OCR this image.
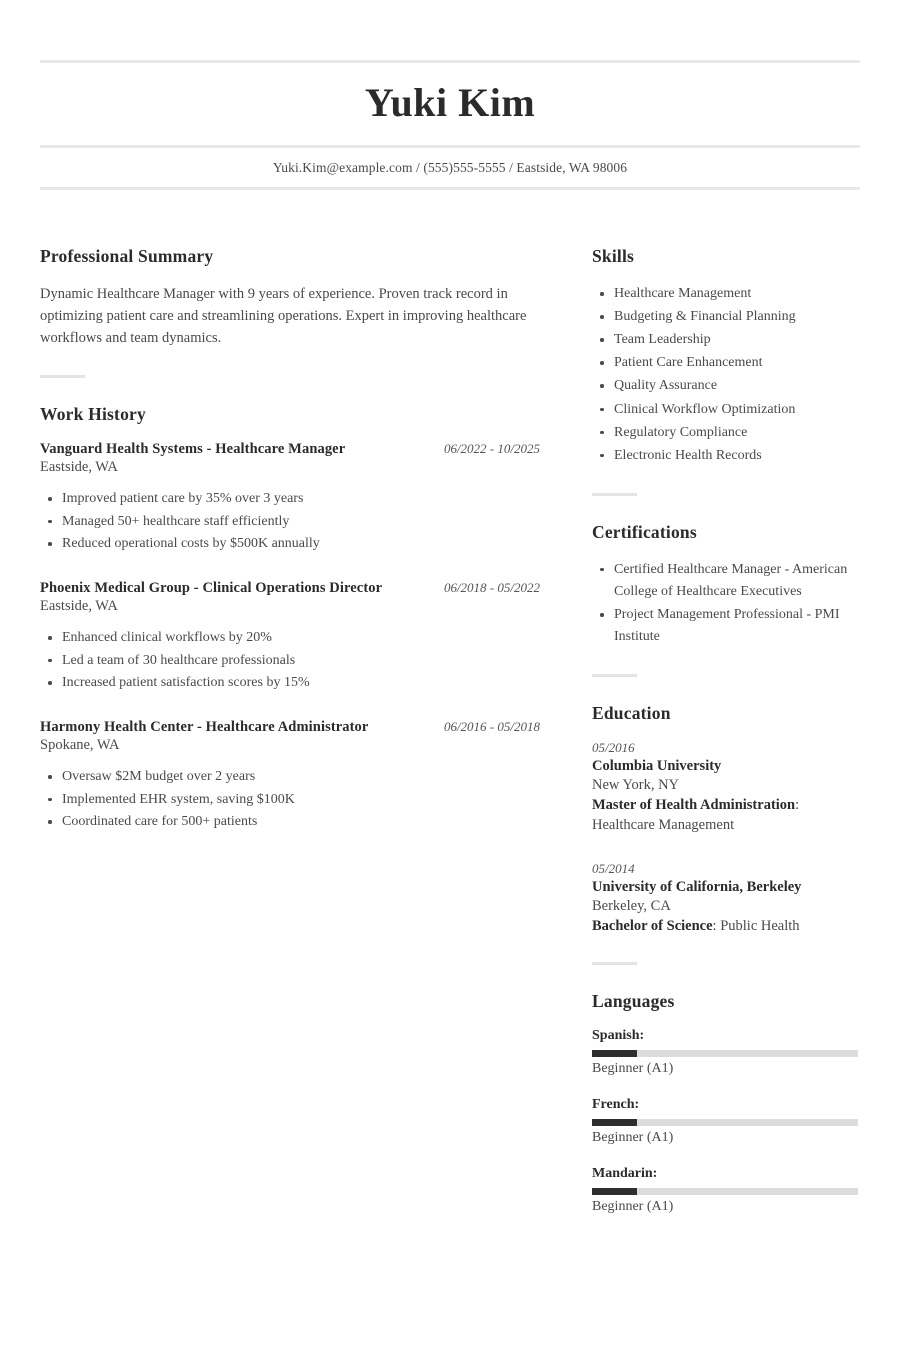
Yuki Kim
Yuki.Kim@example.com / (555)555-5555 / Eastside, WA 98006
Professional Summary

Dynamic Healthcare Manager with 9 years of experience. Proven track record in optimizing patient care and streamlining operations. Expert in improving healthcare workflows and team dynamics.

Work History
Vanguard Health Systems - Healthcare Manager	06/2022 - 10/2025
Eastside, WA
Improved patient care by 35% over 3 years
Managed 50+ healthcare staff efficiently
Reduced operational costs by $500K annually
Phoenix Medical Group - Clinical Operations Director	06/2018 - 05/2022
Eastside, WA
Enhanced clinical workflows by 20%
Led a team of 30 healthcare professionals
Increased patient satisfaction scores by 15%
Harmony Health Center - Healthcare Administrator	06/2016 - 05/2018
Spokane, WA
Oversaw $2M budget over 2 years
Implemented EHR system, saving $100K
Coordinated care for 500+ patients
Skills
Healthcare Management
Budgeting & Financial Planning
Team Leadership
Patient Care Enhancement
Quality Assurance
Clinical Workflow Optimization
Regulatory Compliance
Electronic Health Records
Certifications
Certified Healthcare Manager - American College of Healthcare Executives
Project Management Professional - PMI Institute
Education
05/2016
Columbia University
New York, NY
Master of Health Administration: Healthcare Management
05/2014
University of California, Berkeley
Berkeley, CA
Bachelor of Science: Public Health
Languages
Spanish:
Beginner (A1)
French:
Beginner (A1)
Mandarin:
Beginner (A1)
